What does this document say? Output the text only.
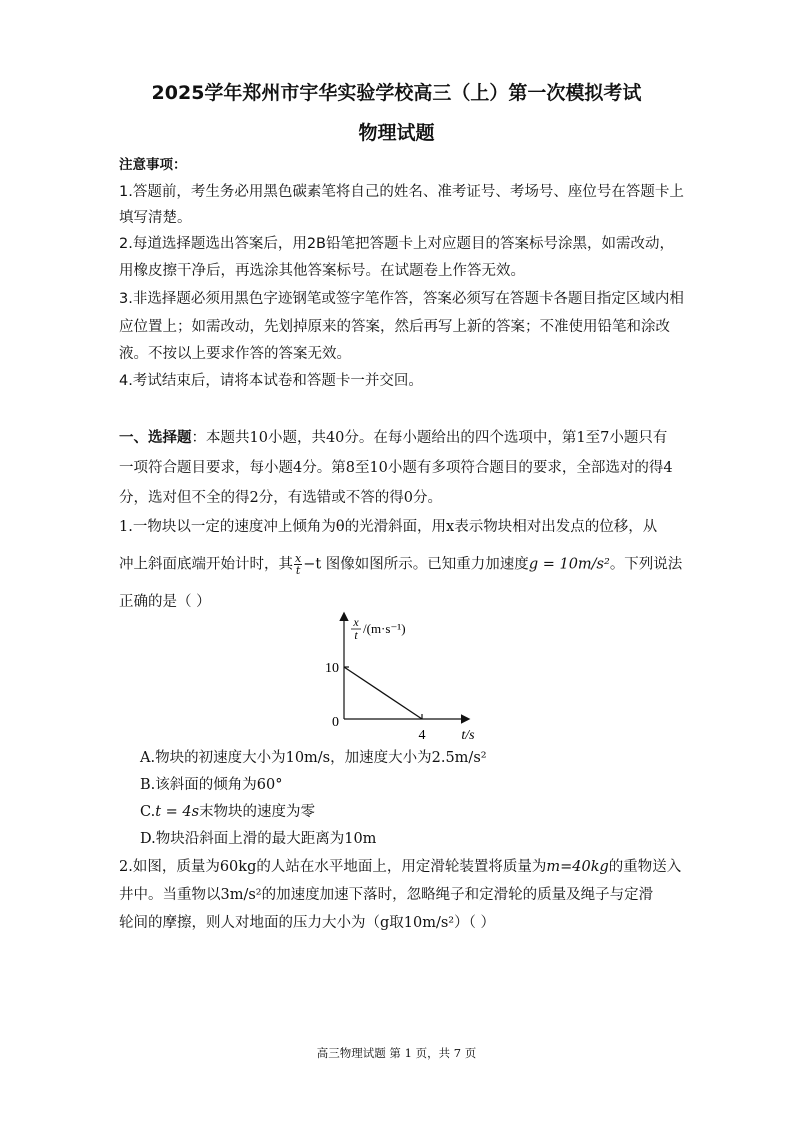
2025学年郑州市宇华实验学校高三（上）第一次模拟考试
物理试题
注意事项：
1.答题前，考生务必用黑色碳素笔将自己的姓名、准考证号、考场号、座位号在答题卡上
填写清楚。
2.每道选择题选出答案后，用2B铅笔把答题卡上对应题目的答案标号涂黑，如需改动，
用橡皮擦干净后，再选涂其他答案标号。在试题卷上作答无效。
3.非选择题必须用黑色字迹钢笔或签字笔作答，答案必须写在答题卡各题目指定区域内相
应位置上；如需改动，先划掉原来的答案，然后再写上新的答案；不准使用铅笔和涂改
液。不按以上要求作答的答案无效。
4.考试结束后，请将本试卷和答题卡一并交回。
一、选择题：本题共10小题，共40分。在每小题给出的四个选项中，第1至7小题只有
一项符合题目要求，每小题4分。第8至10小题有多项符合题目的要求，全部选对的得4
分，选对但不全的得2分，有选错或不答的得0分。
1.一物块以一定的速度冲上倾角为θ的光滑斜面，用x表示物块相对出发点的位移，从
冲上斜面底端开始计时，其 $\frac{x}{t} -t$ 图像如图所示。已知重力加速度g = 10m/s²。下列说法
正确的是（ ）
x
t /(m·s⁻¹)
10
0
4	t/s
A.物块的初速度大小为10m/s，加速度大小为2.5m/s²
B.该斜面的倾角为60°
C.t = 4s末物块的速度为零
D.物块沿斜面上滑的最大距离为10m
2.如图，质量为60kg的人站在水平地面上，用定滑轮装置将质量为m=40kg的重物送入
井中。当重物以3m/s²的加速度加速下落时，忽略绳子和定滑轮的质量及绳子与定滑
轮间的摩擦，则人对地面的压力大小为（g取10m/s²）（ ）
高三物理试题 第 1 页，共 7 页
